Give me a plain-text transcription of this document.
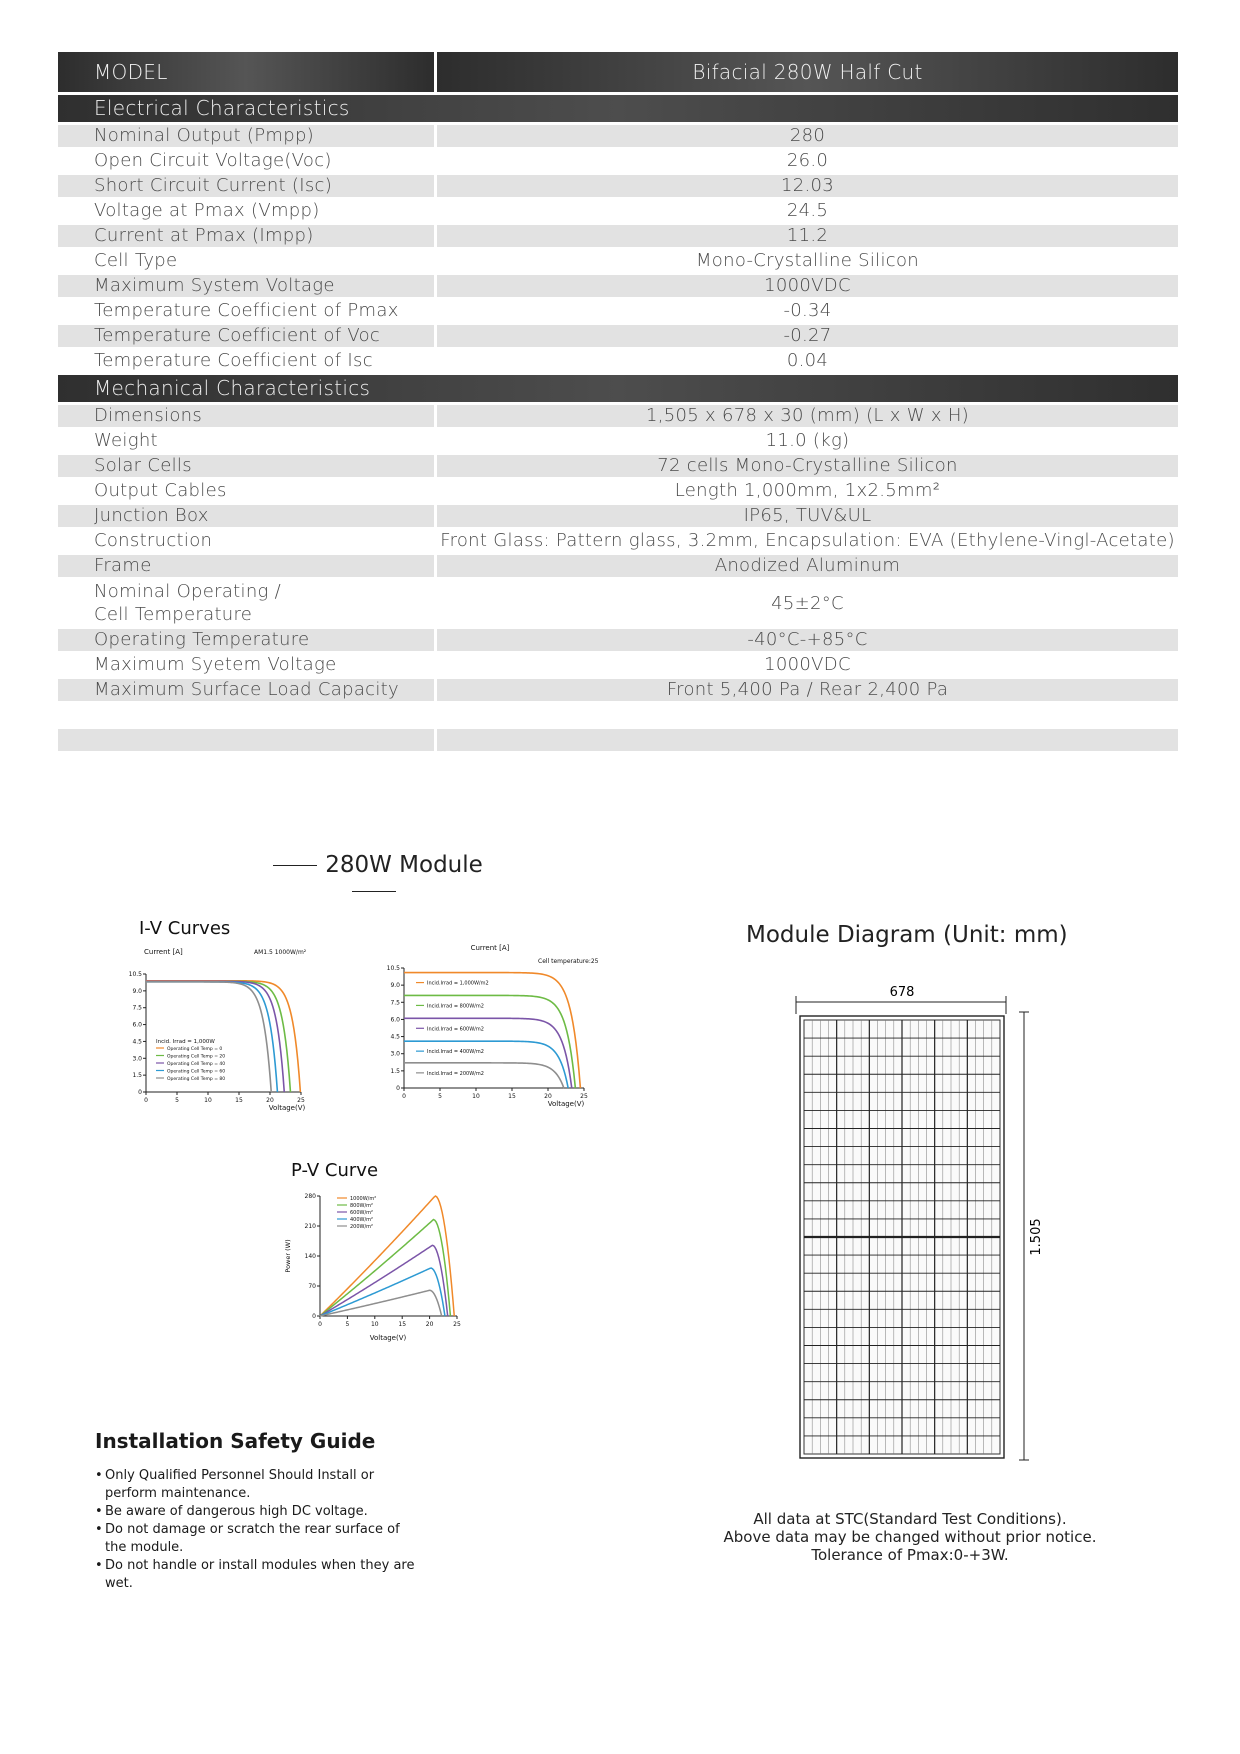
MODEL	Bifacial 280W Half Cut
Electrical Characteristics	

Nominal Output (Pmpp)	280

Open Circuit Voltage(Voc)	26.0

Short Circuit Current (Isc)	12.03

Voltage at Pmax (Vmpp)	24.5

Current at Pmax (Impp)	11.2

Cell Type	Mono-Crystalline Silicon

Maximum System Voltage	1000VDC

Temperature Coefficient of Pmax	-0.34

Temperature Coefficient of Voc	-0.27

Temperature Coefficient of Isc	0.04
Mechanical Characteristics	

Dimensions	1,505 x 678 x 30 (mm) (L x W x H)

Weight	11.0 (kg)

Solar Cells	72 cells Mono-Crystalline Silicon

Output Cables	Length 1,000mm, 1x2.5mm²

Junction Box	IP65, TUV&UL

Construction	Front Glass: Pattern glass, 3.2mm, Encapsulation: EVA (Ethylene-Vingl-Acetate)

Frame	Anodized Aluminum

Nominal Operating /
Cell Temperature	45±2°C

Operating Temperature	-40°C-+85°C

Maximum Syetem Voltage	1000VDC

Maximum Surface Load Capacity	Front 5,400 Pa / Rear 2,400 Pa

280W Module
I-V Curves
0	5	10	15	20	25
0
1.5
3.0
4.5
6.0
7.5
9.0
10.5
Current [A]	AM1.5 1000W/m²
Voltage(V)
Incid. Irrad = 1,000W
Operating Cell Temp = 0
Operating Cell Temp = 20
Operating Cell Temp = 40
Operating Cell Temp = 60
Operating Cell Temp = 80
0	5	10	15	20	25
0
1.5
3.0
4.5
6.0
7.5
9.0
10.5
Current [A]
Cell temperature:25
Voltage(V)
Incid.Irrad = 1,000W/m2
Incid.Irrad = 800W/m2
Incid.Irrad = 600W/m2
Incid.Irrad = 400W/m2
Incid.Irrad = 200W/m2
P-V Curve
0	5	10	15	20	25
0
70
140
210
280
Voltage(V)
Power (W)
1000W/m²
800W/m²
600W/m²
400W/m²
200W/m²
Module Diagram (Unit: mm)
678
1.505
All data at STC(Standard Test Conditions).
Above data may be changed without prior notice.
Tolerance of Pmax:0-+3W.
Installation Safety Guide
• Only Qualified Personnel Should Install or perform maintenance.
• Be aware of dangerous high DC voltage.
• Do not damage or scratch the rear surface of the module.
• Do not handle or install modules when they are wet.
